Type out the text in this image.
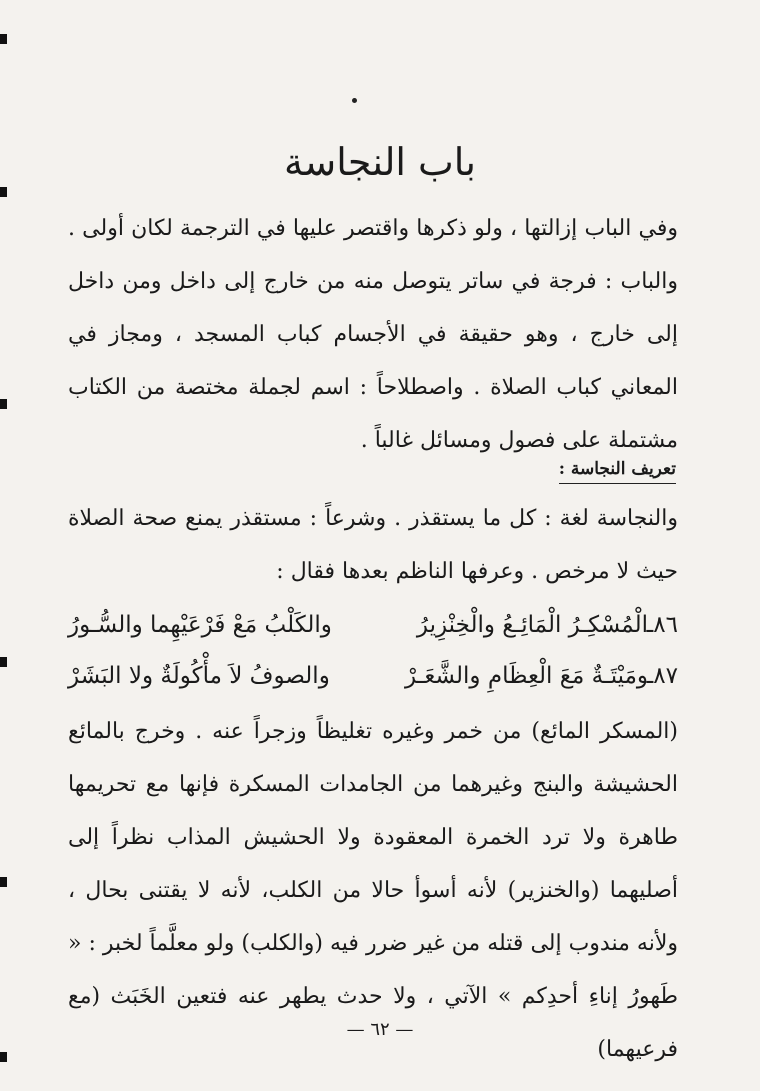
باب النجاسة

وفي الباب إزالتها ، ولو ذكرها واقتصر عليها في الترجمة لكان أولى . والباب : فرجة في ساتر يتوصل منه من خارج إلى داخل ومن داخل إلى خارج ، وهو حقيقة في الأجسام كباب المسجد ، ومجاز في المعاني كباب الصلاة . واصطلاحاً : اسم لجملة مختصة من الكتاب مشتملة على فصول ومسائل غالباً .

تعريف النجاسة :

والنجاسة لغة : كل ما يستقذر . وشرعاً : مستقذر يمنع صحة الصلاة حيث لا مرخص . وعرفها الناظم بعدها فقال :

٨٦ـ
الْمُسْكِـرُ الْمَائِـعُ والْخِنْزِيرُ
والكَلْبُ مَعْ فَرْعَيْهِما والسُّـورُ
٨٧ـ
ومَيْتَـةٌ مَعَ الْعِظَامِ والشَّعَـرْ
والصوفُ لاَ مأْكُولَةٌ ولا البَشَرْ

(المسكر المائع) من خمر وغيره تغليظاً وزجراً عنه . وخرج بالمائع الحشيشة والبنج وغيرهما من الجامدات المسكرة فإنها مع تحريمها طاهرة ولا ترد الخمرة المعقودة ولا الحشيش المذاب نظراً إلى أصليهما (والخنزير) لأنه أسوأ حالا من الكلب، لأنه لا يقتنى بحال ، ولأنه مندوب إلى قتله من غير ضرر فيه (والكلب) ولو معلَّماً لخبر : « طَهورُ إناءِ أحدِكم » الآتي ، ولا حدث يطهر عنه فتعين الخَبَث (مع فرعيهما)

— ٦٢ —
